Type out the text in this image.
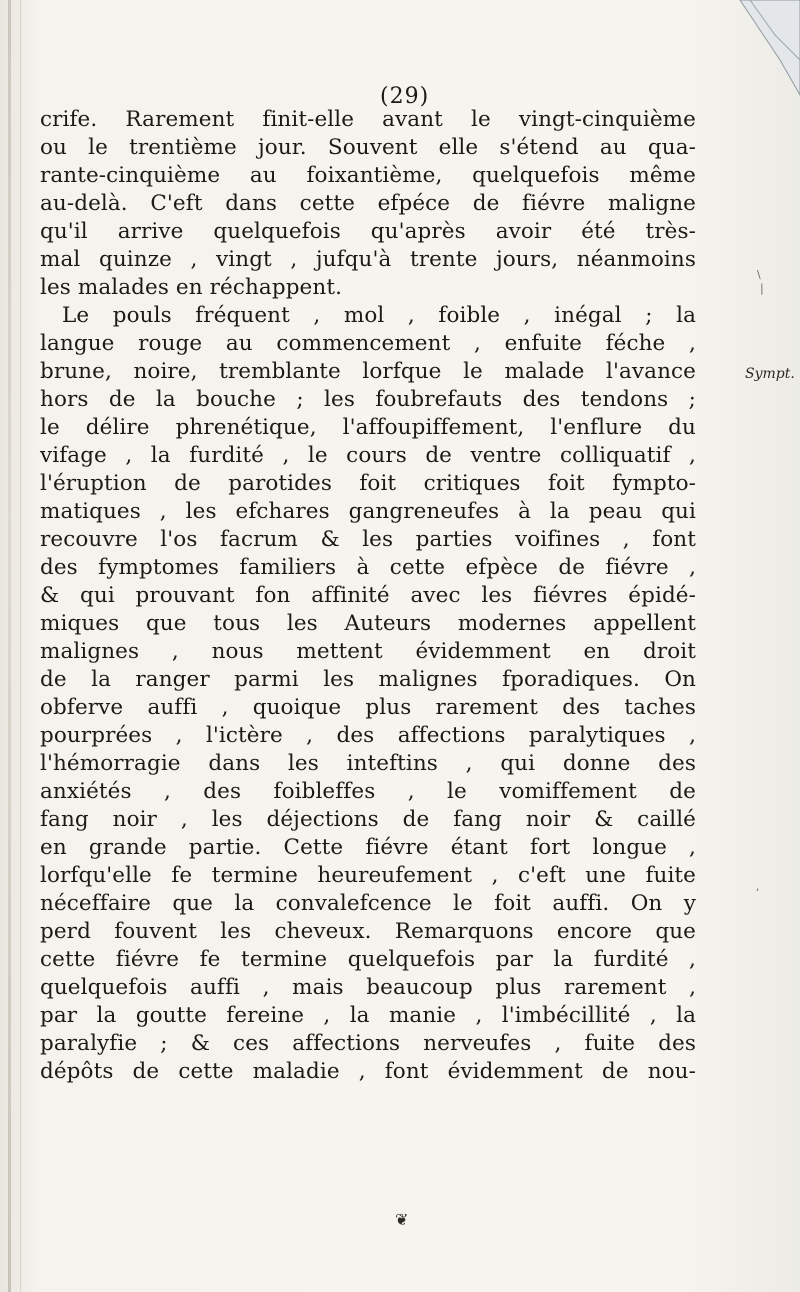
(29)
crife. Rarement finit-elle avant le vingt-cinquième
ou le trentième jour. Souvent elle s'étend au qua-
rante-cinquième au foixantième, quelquefois même
au-delà. C'eft dans cette efpéce de fiévre maligne
qu'il arrive quelquefois qu'après avoir été très-
mal quinze , vingt , jufqu'à trente jours, néanmoins
les malades en réchappent.
Le pouls fréquent , mol , foible , inégal ; la
langue rouge au commencement , enfuite féche ,
brune, noire, tremblante lorfque le malade l'avance
hors de la bouche ; les foubrefauts des tendons ;
le délire phrenétique, l'affoupiffement, l'enflure du
vifage , la furdité , le cours de ventre colliquatif ,
l'éruption de parotides foit critiques foit fympto-
matiques , les efchares gangreneufes à la peau qui
recouvre l'os facrum & les parties voifines , font
des fymptomes familiers à cette efpèce de fiévre ,
& qui prouvant fon affinité avec les fiévres épidé-
miques que tous les Auteurs modernes appellent
malignes , nous mettent évidemment en droit
de la ranger parmi les malignes fporadiques. On
obferve auffi , quoique plus rarement des taches
pourprées , l'ictère , des affections paralytiques ,
l'hémorragie dans les inteftins , qui donne des
anxiétés , des foibleffes , le vomiffement de
fang noir , les déjections de fang noir & caillé
en grande partie. Cette fiévre étant fort longue ,
lorfqu'elle fe termine heureufement , c'eft une fuite
néceffaire que la convalefcence le foit auffi. On y
perd fouvent les cheveux. Remarquons encore que
cette fiévre fe termine quelquefois par la furdité ,
quelquefois auffi , mais beaucoup plus rarement ,
par la goutte fereine , la manie , l'imbécillité , la
paralyfie ; & ces affections nerveufes , fuite des
dépôts de cette maladie , font évidemment de nou-
Sympt.
\
|
,
❦
